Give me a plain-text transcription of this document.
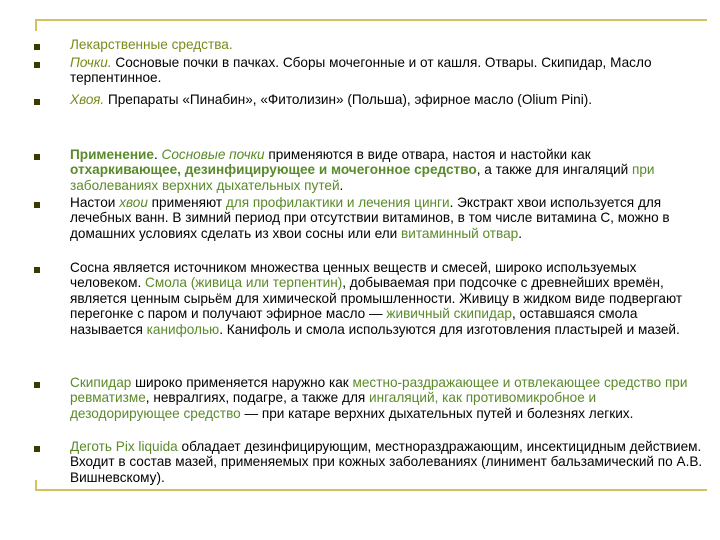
Лекарственные средства.
Почки. Сосновые почки в пачках. Сборы мочегонные и от кашля. Отвары. Скипидар, Масло терпентинное.
Хвоя. Препараты «Пинабин», «Фитолизин» (Польша), эфирное масло (Olium Pini).
Применение. Сосновые почки применяются в виде отвара, настоя и настойки как отхаркивающее, дезинфицирующее и мочегонное средство, а также для ингаляций при заболеваниях верхних дыхательных путей.
Настои хвои применяют для профилактики и лечения цинги. Экстракт хвои используется для лечебных ванн. В зимний период при отсутствии витаминов, в том числе витамина С, можно в домашних условиях сделать из хвои сосны или ели витаминный отвар.
Сосна является источником множества ценных веществ и смесей, широко используемых человеком. Смола (живица или терпентин), добываемая при подсочке с древнейших времён, является ценным сырьём для химической промышленности. Живицу в жидком виде подвергают перегонке с паром и получают эфирное масло — живичный скипидар, оставшаяся смола называется канифолью. Канифоль и смола используются для изготовления пластырей и мазей.
Скипидар широко применяется наружно как местно-раздражающее и отвлекающее средство при ревматизме, невралгиях, подагре, а также для ингаляций, как противомикробное и дезодорирующее средство — при катаре верхних дыхательных путей и болезнях легких.
Деготь Pix liquida обладает дезинфицирующим, местнораздражающим, инсектицидным действием. Входит в состав мазей, применяемых при кожных заболеваниях (линимент бальзамический по А.В. Вишневскому).
